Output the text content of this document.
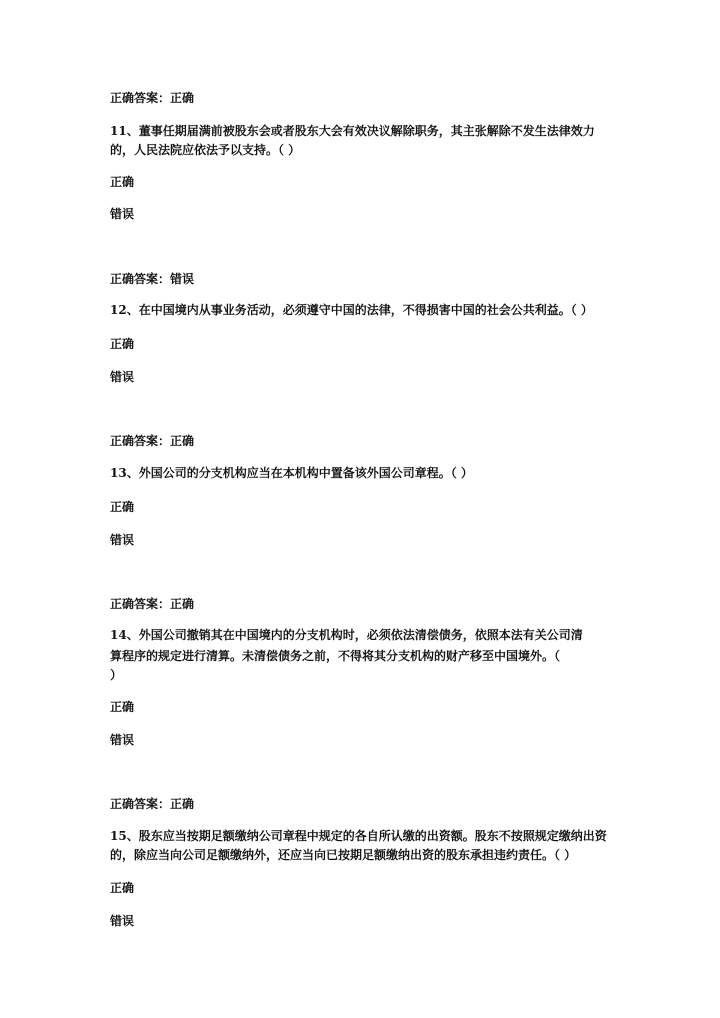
正确答案：正确
11、董事任期届满前被股东会或者股东大会有效决议解除职务，其主张解除不发生法律效力的，人民法院应依法予以支持。（ ）
正确
错误
正确答案：错误
12、在中国境内从事业务活动，必须遵守中国的法律，不得损害中国的社会公共利益。（ ）
正确
错误
正确答案：正确
13、外国公司的分支机构应当在本机构中置备该外国公司章程。（ ）
正确
错误
正确答案：正确
14、外国公司撤销其在中国境内的分支机构时，必须依法清偿债务，依照本法有关公司清
算程序的规定进行清算。未清偿债务之前，不得将其分支机构的财产移至中国境外。（
）
正确
错误
正确答案：正确
15、股东应当按期足额缴纳公司章程中规定的各自所认缴的出资额。股东不按照规定缴纳出资的，除应当向公司足额缴纳外，还应当向已按期足额缴纳出资的股东承担违约责任。（ ）
正确
错误
